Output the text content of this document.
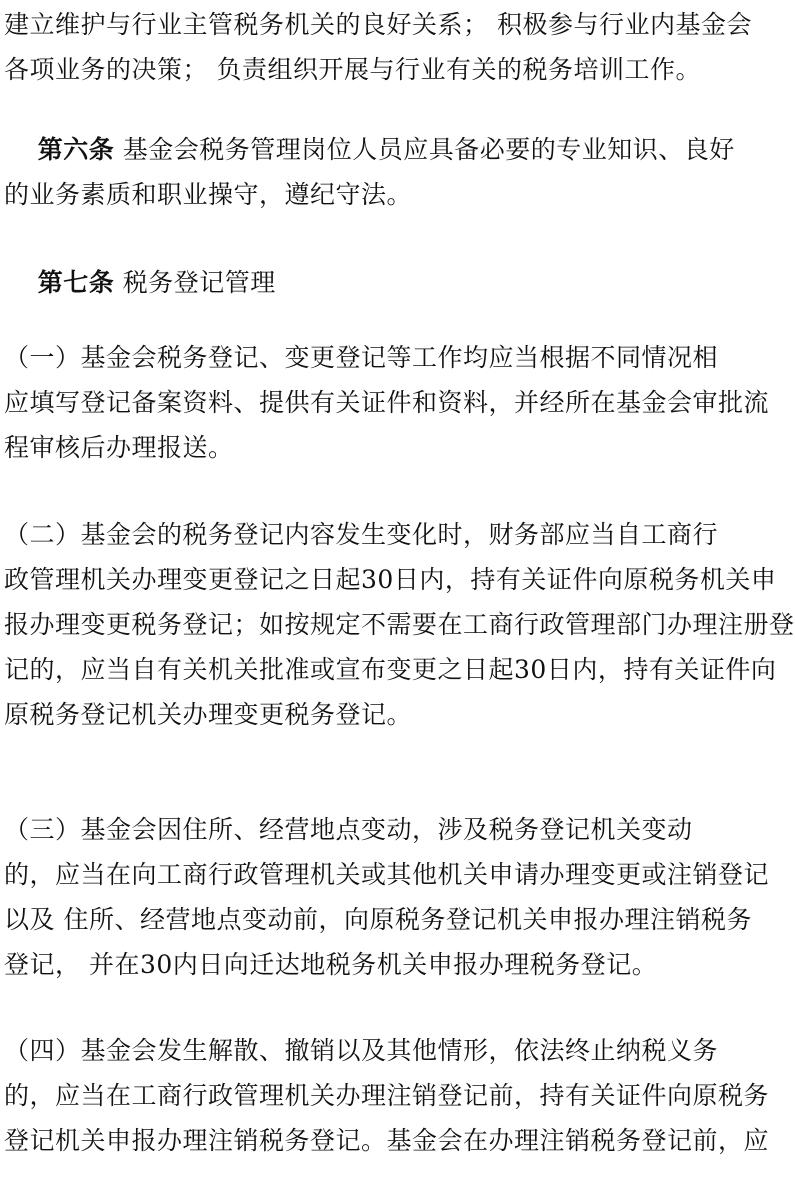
建立维护与行业主管税务机关的良好关系； 积极参与行业内基金会
各项业务的决策； 负责组织开展与行业有关的税务培训工作。

第六条 基金会税务管理岗位人员应具备必要的专业知识、良好
的业务素质和职业操守，遵纪守法。

第七条 税务登记管理

（一）基金会税务登记、变更登记等工作均应当根据不同情况相
应填写登记备案资料、提供有关证件和资料，并经所在基金会审批流
程审核后办理报送。

（二）基金会的税务登记内容发生变化时，财务部应当自工商行
政管理机关办理变更登记之日起30日内，持有关证件向原税务机关申
报办理变更税务登记；如按规定不需要在工商行政管理部门办理注册登
记的，应当自有关机关批准或宣布变更之日起30日内，持有关证件向
原税务登记机关办理变更税务登记。

（三）基金会因住所、经营地点变动，涉及税务登记机关变动
的，应当在向工商行政管理机关或其他机关申请办理变更或注销登记
以及 住所、经营地点变动前，向原税务登记机关申报办理注销税务
登记， 并在30内日向迁达地税务机关申报办理税务登记。

（四）基金会发生解散、撤销以及其他情形，依法终止纳税义务
的，应当在工商行政管理机关办理注销登记前，持有关证件向原税务
登记机关申报办理注销税务登记。基金会在办理注销税务登记前，应
